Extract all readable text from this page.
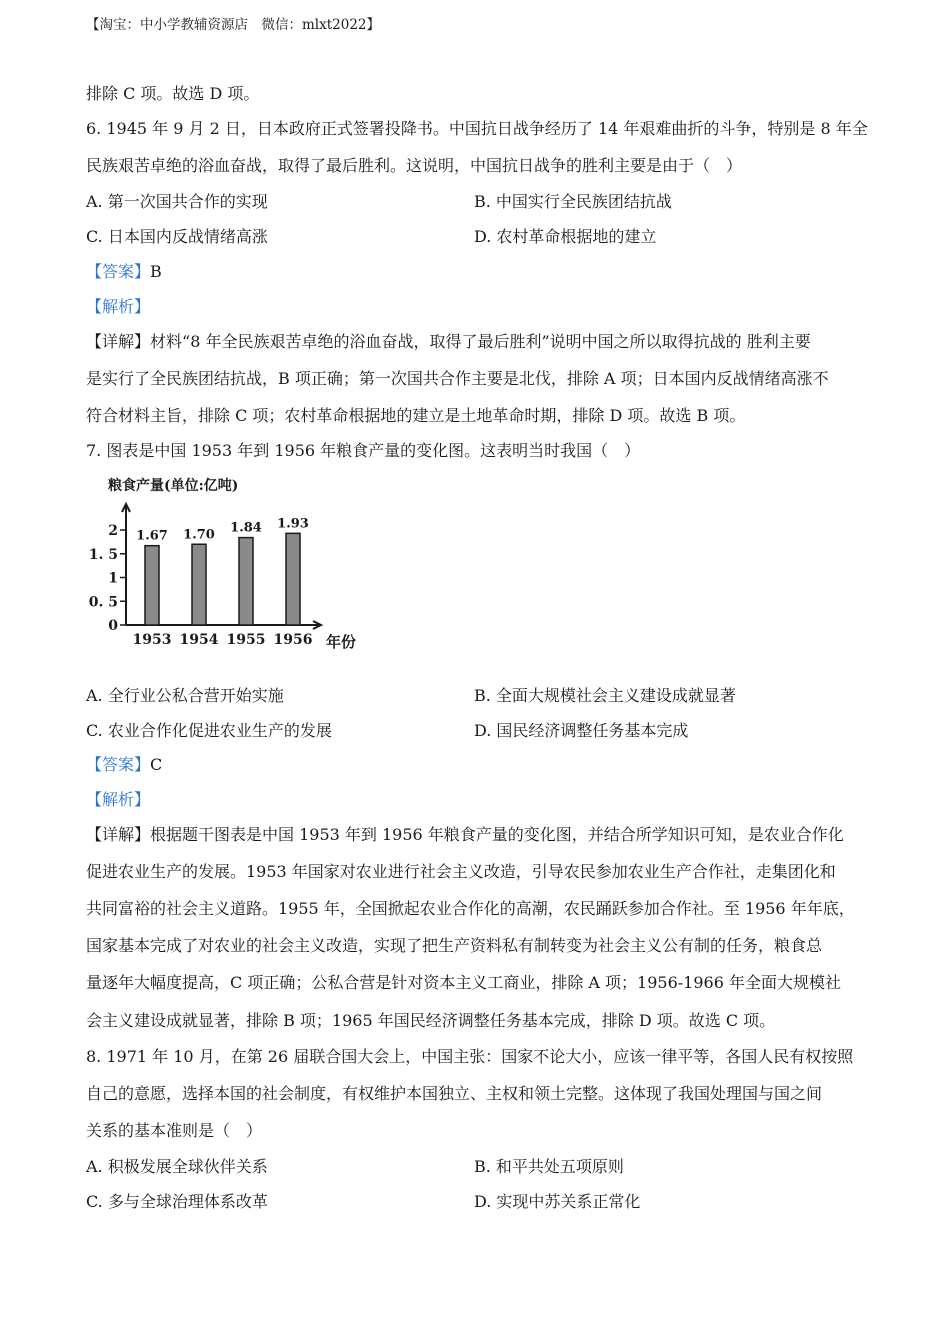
【淘宝：中小学教辅资源店　微信：mlxt2022】
排除 C 项。故选 D 项。
6. 1945 年 9 月 2 日，日本政府正式签署投降书。中国抗日战争经历了 14 年艰难曲折的斗争，特别是 8 年全
民族艰苦卓绝的浴血奋战，取得了最后胜利。这说明，中国抗日战争的胜利主要是由于（　）
A. 第一次国共合作的实现	B. 中国实行全民族团结抗战
C. 日本国内反战情绪高涨	D. 农村革命根据地的建立
【答案】B
【解析】
【详解】材料“8 年全民族艰苦卓绝的浴血奋战，取得了最后胜利”说明中国之所以取得抗战的 胜利主要
是实行了全民族团结抗战，B 项正确；第一次国共合作主要是北伐，排除 A 项；日本国内反战情绪高涨不
符合材料主旨，排除 C 项；农村革命根据地的建立是土地革命时期，排除 D 项。故选 B 项。
7. 图表是中国 1953 年到 1956 年粮食产量的变化图。这表明当时我国（　）
粮食产量(单位:亿吨)
0
0. 5
1
1. 5
2 1.67 1.70 1.84 1.93
1953 1954 1955 1956 年份
A. 全行业公私合营开始实施	B. 全面大规模社会主义建设成就显著
C. 农业合作化促进农业生产的发展	D. 国民经济调整任务基本完成
【答案】C
【解析】
【详解】根据题干图表是中国 1953 年到 1956 年粮食产量的变化图，并结合所学知识可知，是农业合作化
促进农业生产的发展。1953 年国家对农业进行社会主义改造，引导农民参加农业生产合作社，走集团化和
共同富裕的社会主义道路。1955 年，全国掀起农业合作化的高潮，农民踊跃参加合作社。至 1956 年年底，
国家基本完成了对农业的社会主义改造，实现了把生产资料私有制转变为社会主义公有制的任务，粮食总
量逐年大幅度提高，C 项正确；公私合营是针对资本主义工商业，排除 A 项；1956-1966 年全面大规模社
会主义建设成就显著，排除 B 项；1965 年国民经济调整任务基本完成，排除 D 项。故选 C 项。
8. 1971 年 10 月，在第 26 届联合国大会上，中国主张：国家不论大小，应该一律平等，各国人民有权按照
自己的意愿，选择本国的社会制度，有权维护本国独立、主权和领土完整。这体现了我国处理国与国之间
关系的基本准则是（　）
A. 积极发展全球伙伴关系	B. 和平共处五项原则
C. 多与全球治理体系改革	D. 实现中苏关系正常化
